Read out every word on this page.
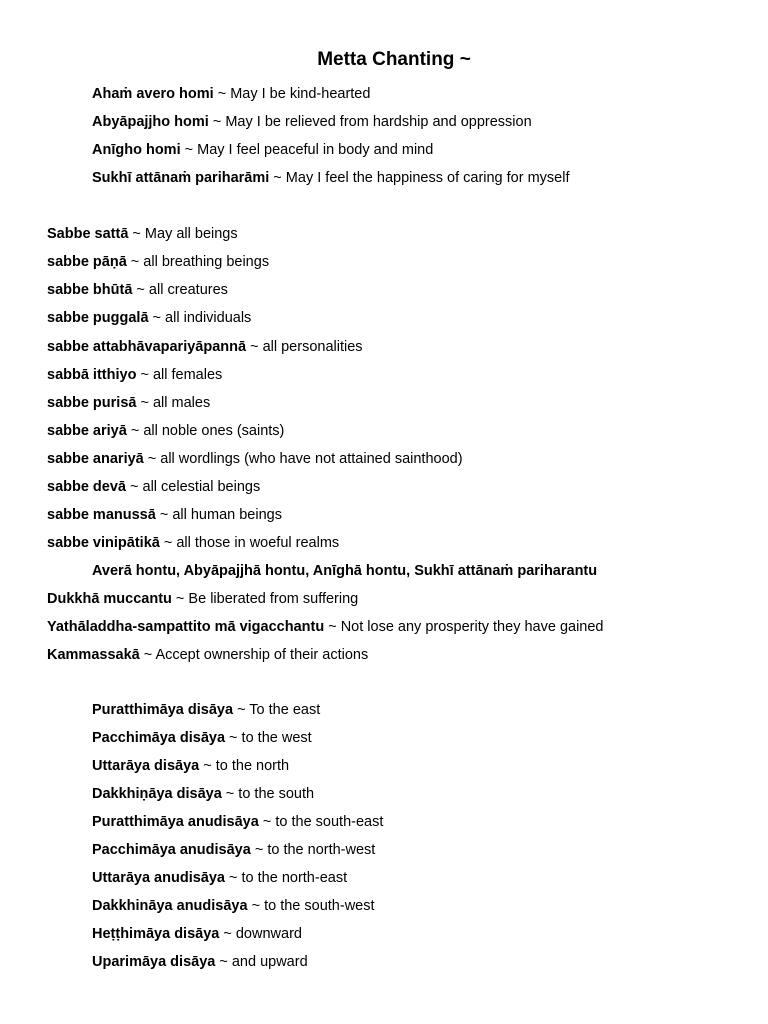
Metta Chanting ~
Ahaṁ avero homi ~ May I be kind-hearted
Abyāpajjho homi ~ May I be relieved from hardship and oppression
Anīgho homi ~ May I feel peaceful in body and mind
Sukhī attānaṁ pariharāmi ~ May I feel the happiness of caring for myself
Sabbe sattā ~ May all beings
sabbe pāṇā ~ all breathing beings
sabbe bhūtā ~ all creatures
sabbe puggalā ~ all individuals
sabbe attabhāvapariyāpannā ~ all personalities
sabbā itthiyo ~ all females
sabbe purisā ~ all males
sabbe ariyā ~ all noble ones (saints)
sabbe anariyā ~ all wordlings (who have not attained sainthood)
sabbe devā ~ all celestial beings
sabbe manussā ~ all human beings
sabbe vinipātikā ~ all those in woeful realms
Averā hontu, Abyāpajjhā hontu, Anīghā hontu, Sukhī attānaṁ pariharantu
Dukkhā muccantu ~ Be liberated from suffering
Yathāladdha-sampattito mā vigacchantu ~ Not lose any prosperity they have gained
Kammassakā ~ Accept ownership of their actions
Puratthimāya disāya ~ To the east
Pacchimāya disāya ~ to the west
Uttarāya disāya ~ to the north
Dakkhiṇāya disāya ~ to the south
Puratthimāya anudisāya ~ to the south-east
Pacchimāya anudisāya ~ to the north-west
Uttarāya anudisāya ~ to the north-east
Dakkhināya anudisāya ~ to the south-west
Heṭṭhimāya disāya ~ downward
Uparimāya disāya ~ and upward
